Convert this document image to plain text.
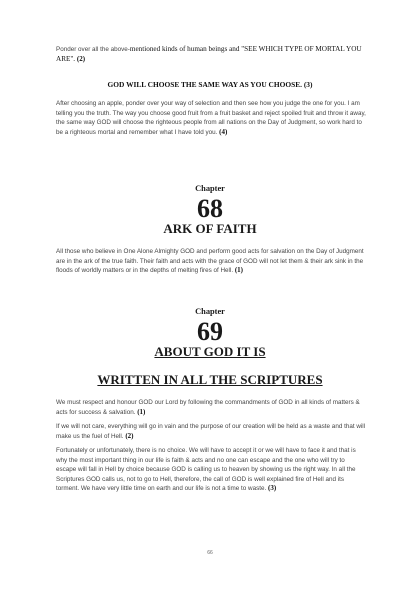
Ponder over all the above-mentioned kinds of human beings and "SEE WHICH TYPE OF MORTAL YOU ARE". (2)

GOD WILL CHOOSE THE SAME WAY AS YOU CHOOSE. (3)

After choosing an apple, ponder over your way of selection and then see how you judge the one for you. I am telling you the truth. The way you choose good fruit from a fruit basket and reject spoiled fruit and throw it away, the same way GOD will choose the righteous people from all nations on the Day of Judgment, so work hard to be a righteous mortal and remember what I have told you. (4)

Chapter
68
ARK OF FAITH

All those who believe in One Alone Almighty GOD and perform good acts for salvation on the Day of Judgment are in the ark of the true faith. Their faith and acts with the grace of GOD will not let them & their ark sink in the floods of worldly matters or in the depths of melting fires of Hell. (1)

Chapter
69
ABOUT GOD IT IS
WRITTEN IN ALL THE SCRIPTURES

We must respect and honour GOD our Lord by following the commandments of GOD in all kinds of matters & acts for success & salvation. (1)

If we will not care, everything will go in vain and the purpose of our creation will be held as a waste and that will make us the fuel of Hell. (2)

Fortunately or unfortunately, there is no choice. We will have to accept it or we will have to face it and that is why the most important thing in our life is faith & acts and no one can escape and the one who will try to escape will fall in Hell by choice because GOD is calling us to heaven by showing us the right way. In all the Scriptures GOD calls us, not to go to Hell, therefore, the call of GOD is well explained fire of Hell and its torment. We have very little time on earth and our life is not a time to waste. (3)

66
